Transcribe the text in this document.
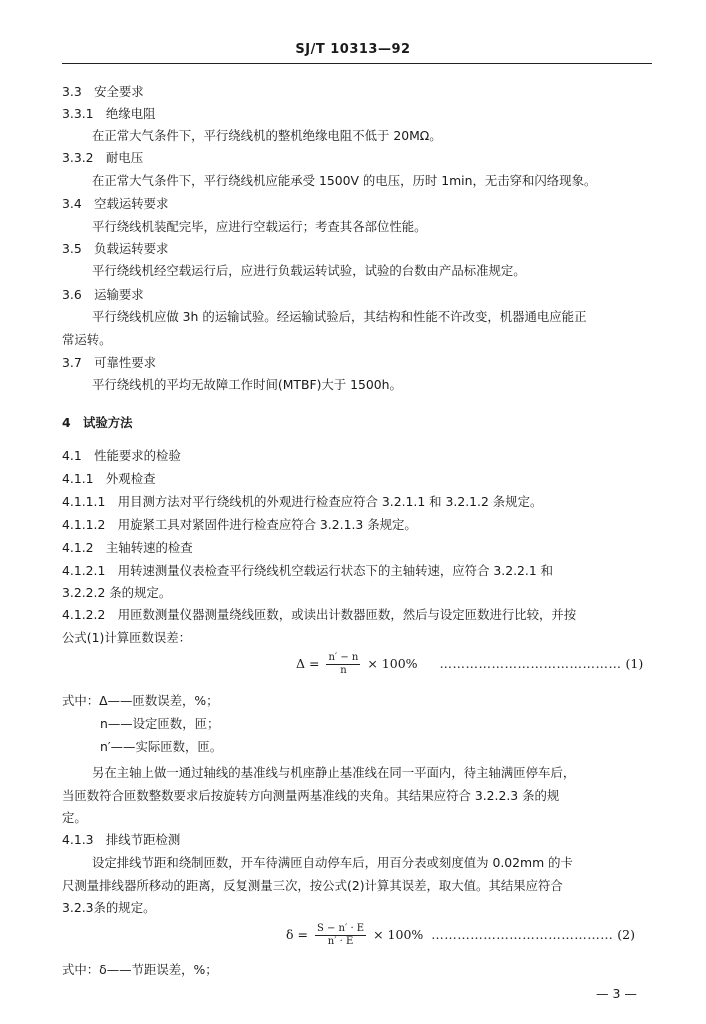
SJ/T 10313—92
3.3　安全要求
3.3.1　绝缘电阻
在正常大气条件下，平行绕线机的整机绝缘电阻不低于 20MΩ。
3.3.2　耐电压
在正常大气条件下，平行绕线机应能承受 1500V 的电压，历时 1min，无击穿和闪络现象。
3.4　空载运转要求
平行绕线机装配完毕，应进行空载运行；考查其各部位性能。
3.5　负载运转要求
平行绕线机经空载运行后，应进行负载运转试验，试验的台数由产品标准规定。
3.6　运输要求
平行绕线机应做 3h 的运输试验。经运输试验后，其结构和性能不许改变，机器通电应能正
常运转。
3.7　可靠性要求
平行绕线机的平均无故障工作时间(MTBF)大于 1500h。
4　试验方法
4.1　性能要求的检验
4.1.1　外观检查
4.1.1.1　用目测方法对平行绕线机的外观进行检查应符合 3.2.1.1 和 3.2.1.2 条规定。
4.1.1.2　用旋紧工具对紧固件进行检查应符合 3.2.1.3 条规定。
4.1.2　主轴转速的检查
4.1.2.1　用转速测量仪表检查平行绕线机空载运行状态下的主轴转速，应符合 3.2.2.1 和
3.2.2.2 条的规定。
4.1.2.2　用匝数测量仪器测量绕线匝数，或读出计数器匝数，然后与设定匝数进行比较，并按
公式(1)计算匝数误差：
$\Delta = \frac{n' - n}{n} \times 100\%$ …………………………………… (1)
式中：Δ——匝数误差，%；
n——设定匝数，匝；
n′——实际匝数，匝。
另在主轴上做一通过轴线的基准线与机座静止基准线在同一平面内，待主轴满匝停车后，
当匝数符合匝数整数要求后按旋转方向测量两基准线的夹角。其结果应符合 3.2.2.3 条的规
定。
4.1.3　排线节距检测
设定排线节距和绕制匝数，开车待满匝自动停车后，用百分表或刻度值为 0.02mm 的卡
尺测量排线器所移动的距离，反复测量三次，按公式(2)计算其误差，取大值。其结果应符合
3.2.3条的规定。
$\delta = \frac{S - n' \cdot E}{n' \cdot E} \times 100\%$ …………………………………… (2)
式中：δ——节距误差，%；
— 3 —
